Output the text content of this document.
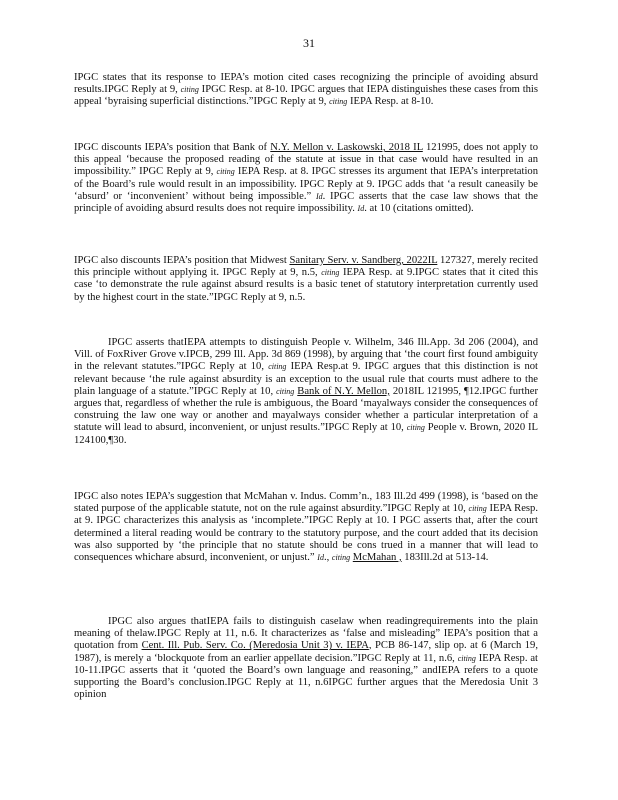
31

IPGC states that its response to IEPA’s motion cited cases recognizing the principle of avoiding absurd results.IPGC Reply at 9, citing IPGC Resp. at 8-10. IPGC argues that IEPA distinguishes these cases from this appeal ‘byraising superficial distinctions.”IPGC Reply at 9, citing IEPA Resp. at 8-10.

IPGC discounts IEPA’s position that Bank of N.Y. Mellon v. Laskowski, 2018 IL 121995, does not apply to this appeal ‘because the proposed reading of the statute at issue in that case would have resulted in an impossibility.” IPGC Reply at 9, citing IEPA Resp. at 8. IPGC stresses its argument that IEPA’s interpretation of the Board’s rule would result in an impossibility. IPGC Reply at 9. IPGC adds that ‘a result caneasily be ‘absurd’ or ‘inconvenient’ without being impossible.” Id. IPGC asserts that the case law shows that the principle of avoiding absurd results does not require impossibility. Id. at 10 (citations omitted).

IPGC also discounts IEPA’s position that Midwest Sanitary Serv. v. Sandberg, 2022IL 127327, merely recited this principle without applying it. IPGC Reply at 9, n.5, citing IEPA Resp. at 9.IPGC states that it cited this case ‘to demonstrate the rule against absurd results is a basic tenet of statutory interpretation currently used by the highest court in the state.”IPGC Reply at 9, n.5.

IPGC asserts thatIEPA attempts to distinguish People v. Wilhelm, 346 Ill.App. 3d 206 (2004), and Vill. of FoxRiver Grove v.IPCB, 299 Ill. App. 3d 869 (1998), by arguing that ‘the court first found ambiguity in the relevant statutes.”IPGC Reply at 10, citing IEPA Resp.at 9. IPGC argues that this distinction is not relevant because ‘the rule against absurdity is an exception to the usual rule that courts must adhere to the plain language of a statute.”IPGC Reply at 10, citing Bank of N.Y. Mellon, 2018IL 121995, ¶12.IPGC further argues that, regardless of whether the rule is ambiguous, the Board ‘mayalways consider the consequences of construing the law one way or another and mayalways consider whether a particular interpretation of a statute will lead to absurd, inconvenient, or unjust results.”IPGC Reply at 10, citing People v. Brown, 2020 IL 124100,¶30.

IPGC also notes IEPA’s suggestion that McMahan v. Indus. Comm’n., 183 Ill.2d 499 (1998), is ‘based on the stated purpose of the applicable statute, not on the rule against absurdity.”IPGC Reply at 10, citing IEPA Resp. at 9. IPGC characterizes this analysis as ‘incomplete.”IPGC Reply at 10. I PGC asserts that, after the court determined a literal reading would be contrary to the statutory purpose, and the court added that its decision was also supported by ‘the principle that no statute should be cons trued in a manner that will lead to consequences whichare absurd, inconvenient, or unjust.” Id., citing McMahan , 183Ill.2d at 513-14.

IPGC also argues thatIEPA fails to distinguish caselaw when readingrequirements into the plain meaning of thelaw.IPGC Reply at 11, n.6. It characterizes as ‘false and misleading” IEPA’s position that a quotation from Cent. Ill. Pub. Serv. Co. (Meredosia Unit 3) v. IEPA, PCB 86-147, slip op. at 6 (March 19, 1987), is merely a ‘blockquote from an earlier appellate decision.”IPGC Reply at 11, n.6, citing IEPA Resp. at 10-11.IPGC asserts that it ‘quoted the Board’s own language and reasoning,” andIEPA refers to a quote supporting the Board’s conclusion.IPGC Reply at 11, n.6IPGC further argues that the Meredosia Unit 3 opinion
